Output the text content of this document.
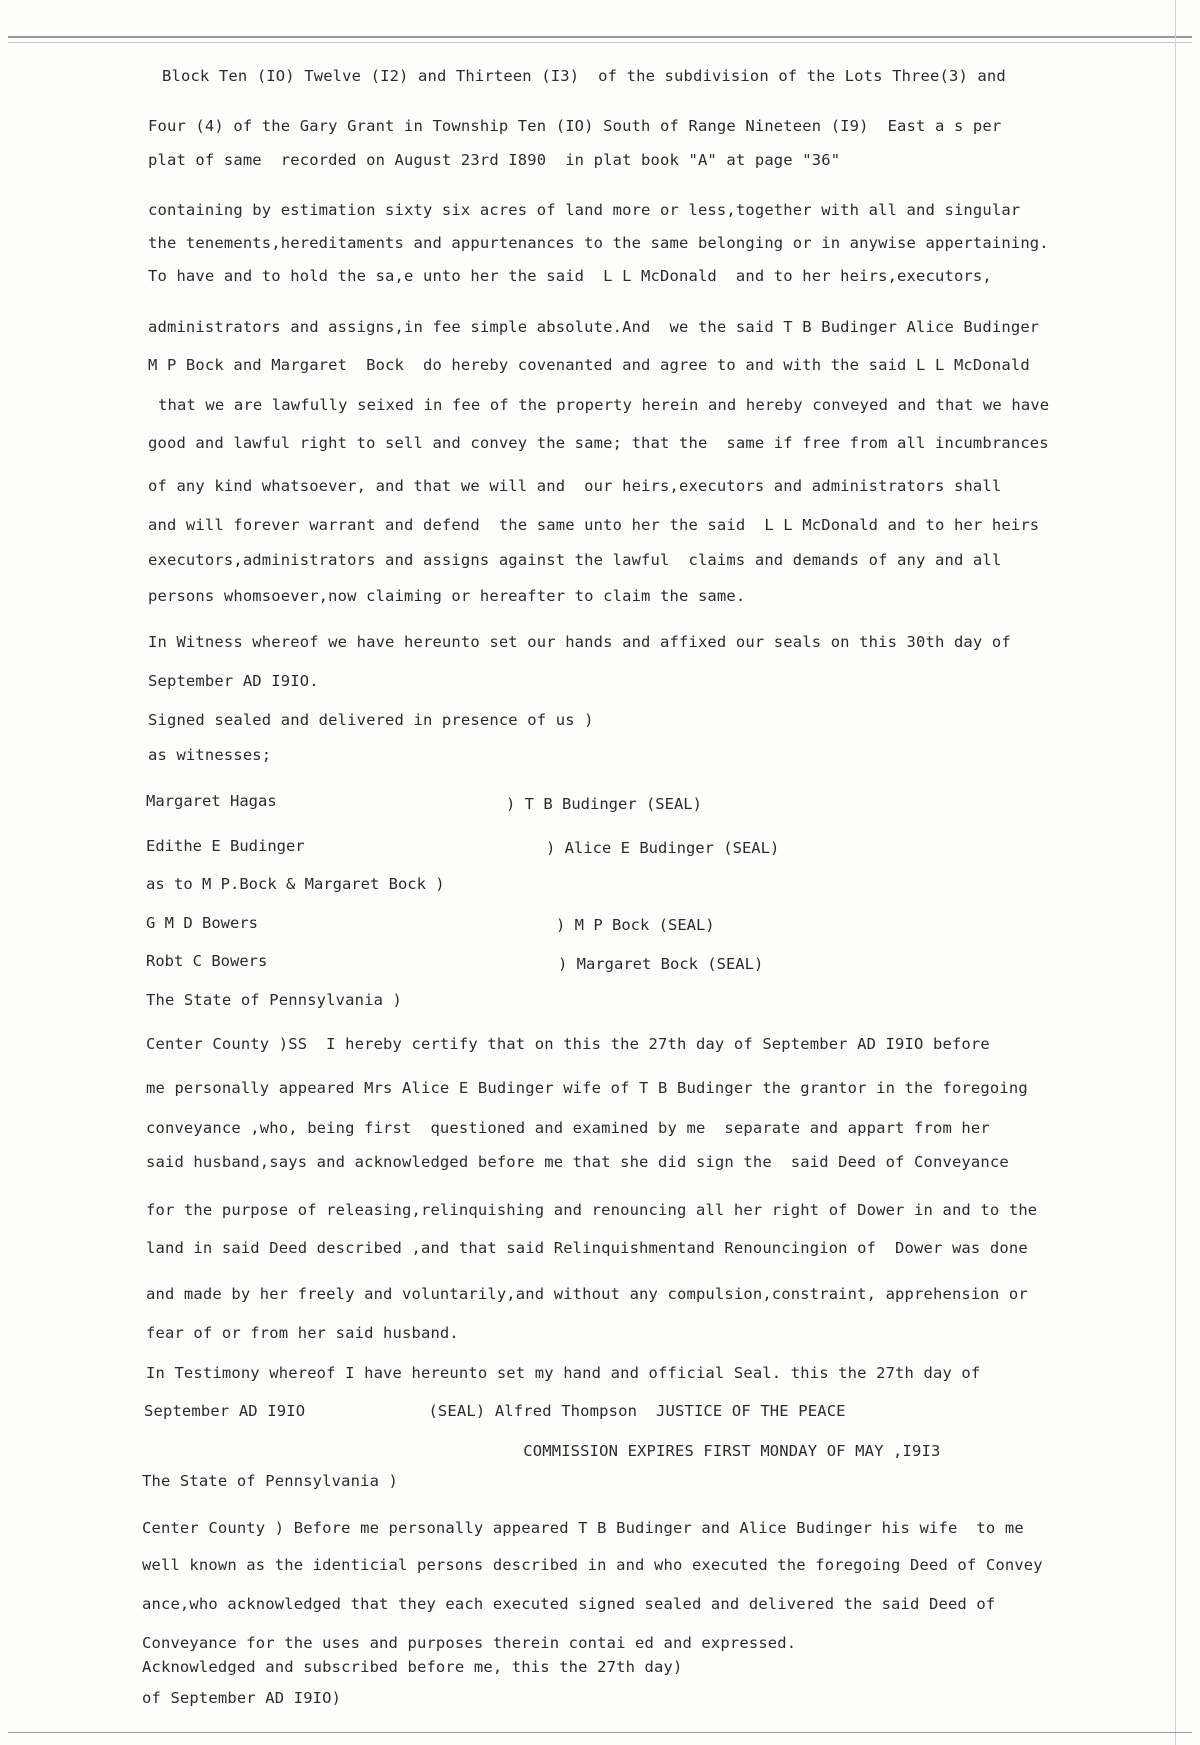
Block Ten (IO) Twelve (I2) and Thirteen (I3)  of the subdivision of the Lots Three(3) and
Four (4) of the Gary Grant in Township Ten (IO) South of Range Nineteen (I9)  East a s per
plat of same  recorded on August 23rd I890  in plat book "A" at page "36"
containing by estimation sixty six acres of land more or less,together with all and singular
the tenements,hereditaments and appurtenances to the same belonging or in anywise appertaining.
To have and to hold the sa,e unto her the said  L L McDonald  and to her heirs,executors,
administrators and assigns,in fee simple absolute.And  we the said T B Budinger Alice Budinger
M P Bock and Margaret  Bock  do hereby covenanted and agree to and with the said L L McDonald
that we are lawfully seixed in fee of the property herein and hereby conveyed and that we have
good and lawful right to sell and convey the same; that the  same if free from all incumbrances
of any kind whatsoever, and that we will and  our heirs,executors and administrators shall
and will forever warrant and defend  the same unto her the said  L L McDonald and to her heirs
executors,administrators and assigns against the lawful  claims and demands of any and all
persons whomsoever,now claiming or hereafter to claim the same.
In Witness whereof we have hereunto set our hands and affixed our seals on this 30th day of
September AD I9IO.
Signed sealed and delivered in presence of us )
as witnesses;
Margaret Hagas	) T B Budinger (SEAL)
Edithe E Budinger	) Alice E Budinger (SEAL)
as to M P.Bock & Margaret Bock )
G M D Bowers	) M P Bock (SEAL)
Robt C Bowers	) Margaret Bock (SEAL)
The State of Pennsylvania )
Center County )SS  I hereby certify that on this the 27th day of September AD I9IO before
me personally appeared Mrs Alice E Budinger wife of T B Budinger the grantor in the foregoing
conveyance ,who, being first  questioned and examined by me  separate and appart from her
said husband,says and acknowledged before me that she did sign the  said Deed of Conveyance
for the purpose of releasing,relinquishing and renouncing all her right of Dower in and to the
land in said Deed described ,and that said Relinquishmentand Renouncingion of  Dower was done
and made by her freely and voluntarily,and without any compulsion,constraint, apprehension or
fear of or from her said husband.
In Testimony whereof I have hereunto set my hand and official Seal. this the 27th day of
September AD I9IO             (SEAL) Alfred Thompson  JUSTICE OF THE PEACE
COMMISSION EXPIRES FIRST MONDAY OF MAY ,I9I3
The State of Pennsylvania )
Center County ) Before me personally appeared T B Budinger and Alice Budinger his wife  to me
well known as the identicial persons described in and who executed the foregoing Deed of Convey
ance,who acknowledged that they each executed signed sealed and delivered the said Deed of
Conveyance for the uses and purposes therein contai ed and expressed.
Acknowledged and subscribed before me, this the 27th day)
of September AD I9IO)
